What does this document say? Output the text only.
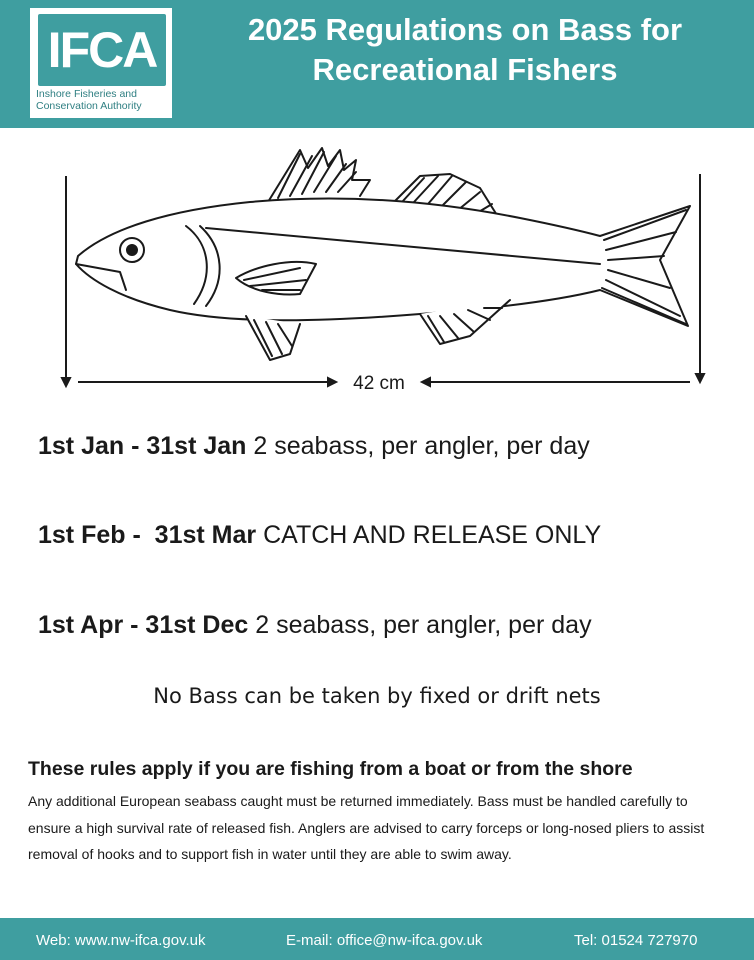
IFCA
Inshore Fisheries and
Conservation Authority
2025 Regulations on Bass for
Recreational Fishers
42 cm
1st Jan - 31st Jan 2 seabass, per angler, per day
1st Feb -  31st Mar CATCH AND RELEASE ONLY
1st Apr - 31st Dec 2 seabass, per angler, per day
No Bass can be taken by fixed or drift nets
These rules apply if you are fishing from a boat or from the shore
Any additional European seabass caught must be returned immediately. Bass must be handled carefully to ensure a high survival rate of released fish. Anglers are advised to carry forceps or long-nosed pliers to assist removal of hooks and to support fish in water until they are able to swim away.
Web: www.nw-ifca.gov.uk	E-mail: office@nw-ifca.gov.uk	Tel: 01524 727970
